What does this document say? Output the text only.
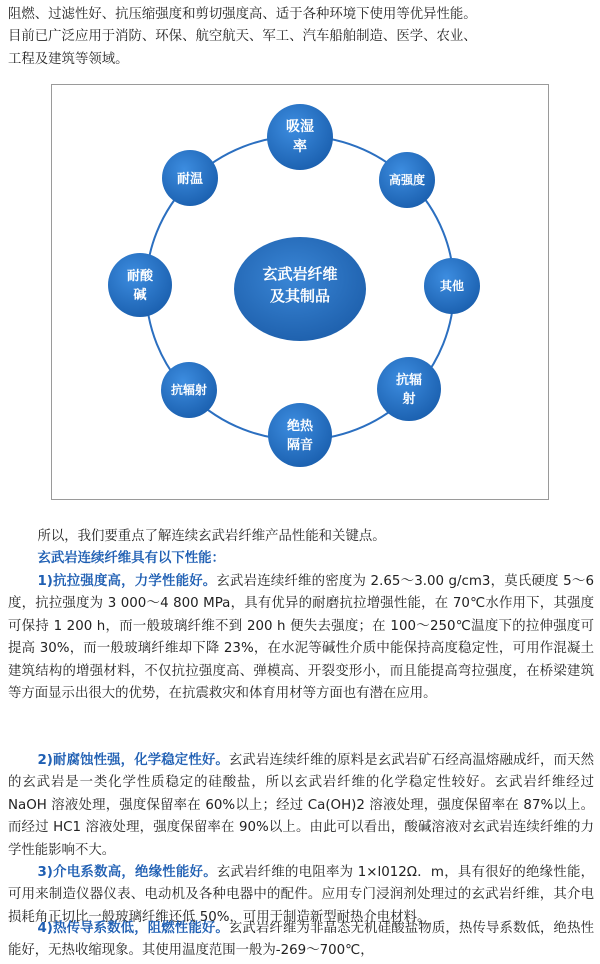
阻燃、过滤性好、抗压缩强度和剪切强度高、适于各种环境下使用等优异性能。
目前已广泛应用于消防、环保、航空航天、军工、汽车船舶制造、医学、农业、
工程及建筑等领域。

玄武岩纤维
及其制品
吸湿
率
高强度
其他
抗辐
射
绝热
隔音
抗辐射
耐酸
碱
耐温

所以，我们要重点了解连续玄武岩纤维产品性能和关键点。

玄武岩连续纤维具有以下性能：

1)抗拉强度高，力学性能好。玄武岩连续纤维的密度为 2.65～3.00 g/cm3，莫氏硬度 5～6 度，抗拉强度为 3 000～4 800 MPa，具有优异的耐磨抗拉增强性能，在 70℃水作用下，其强度可保持 1 200 h，而一般玻璃纤维不到 200 h 便失去强度；在 100～250℃温度下的拉伸强度可提高 30%，而一般玻璃纤维却下降 23%，在水泥等碱性介质中能保持高度稳定性，可用作混凝土建筑结构的增强材料，不仅抗拉强度高、弹模高、开裂变形小，而且能提高弯拉强度，在桥梁建筑等方面显示出很大的优势，在抗震救灾和体育用材等方面也有潜在应用。

2)耐腐蚀性强，化学稳定性好。玄武岩连续纤维的原料是玄武岩矿石经高温熔融成纤，而天然的玄武岩是一类化学性质稳定的硅酸盐，所以玄武岩纤维的化学稳定性较好。玄武岩纤维经过 NaOH 溶液处理，强度保留率在 60%以上；经过 Ca(OH)2 溶液处理，强度保留率在 87%以上。而经过 HC1 溶液处理，强度保留率在 90%以上。由此可以看出，酸碱溶液对玄武岩连续纤维的力学性能影响不大。

3)介电系数高，绝缘性能好。玄武岩纤维的电阻率为 1×l012Ω．m，具有很好的绝缘性能，可用来制造仪器仪表、电动机及各种电器中的配件。应用专门浸润剂处理过的玄武岩纤维，其介电损耗角正切比一般玻璃纤维还低 50%，可用于制造新型耐热介电材料。

4)热传导系数低，阻燃性能好。玄武岩纤维为非晶态无机硅酸盐物质，热传导系数低，绝热性能好，无热收缩现象。其使用温度范围一般为-269～700℃，
